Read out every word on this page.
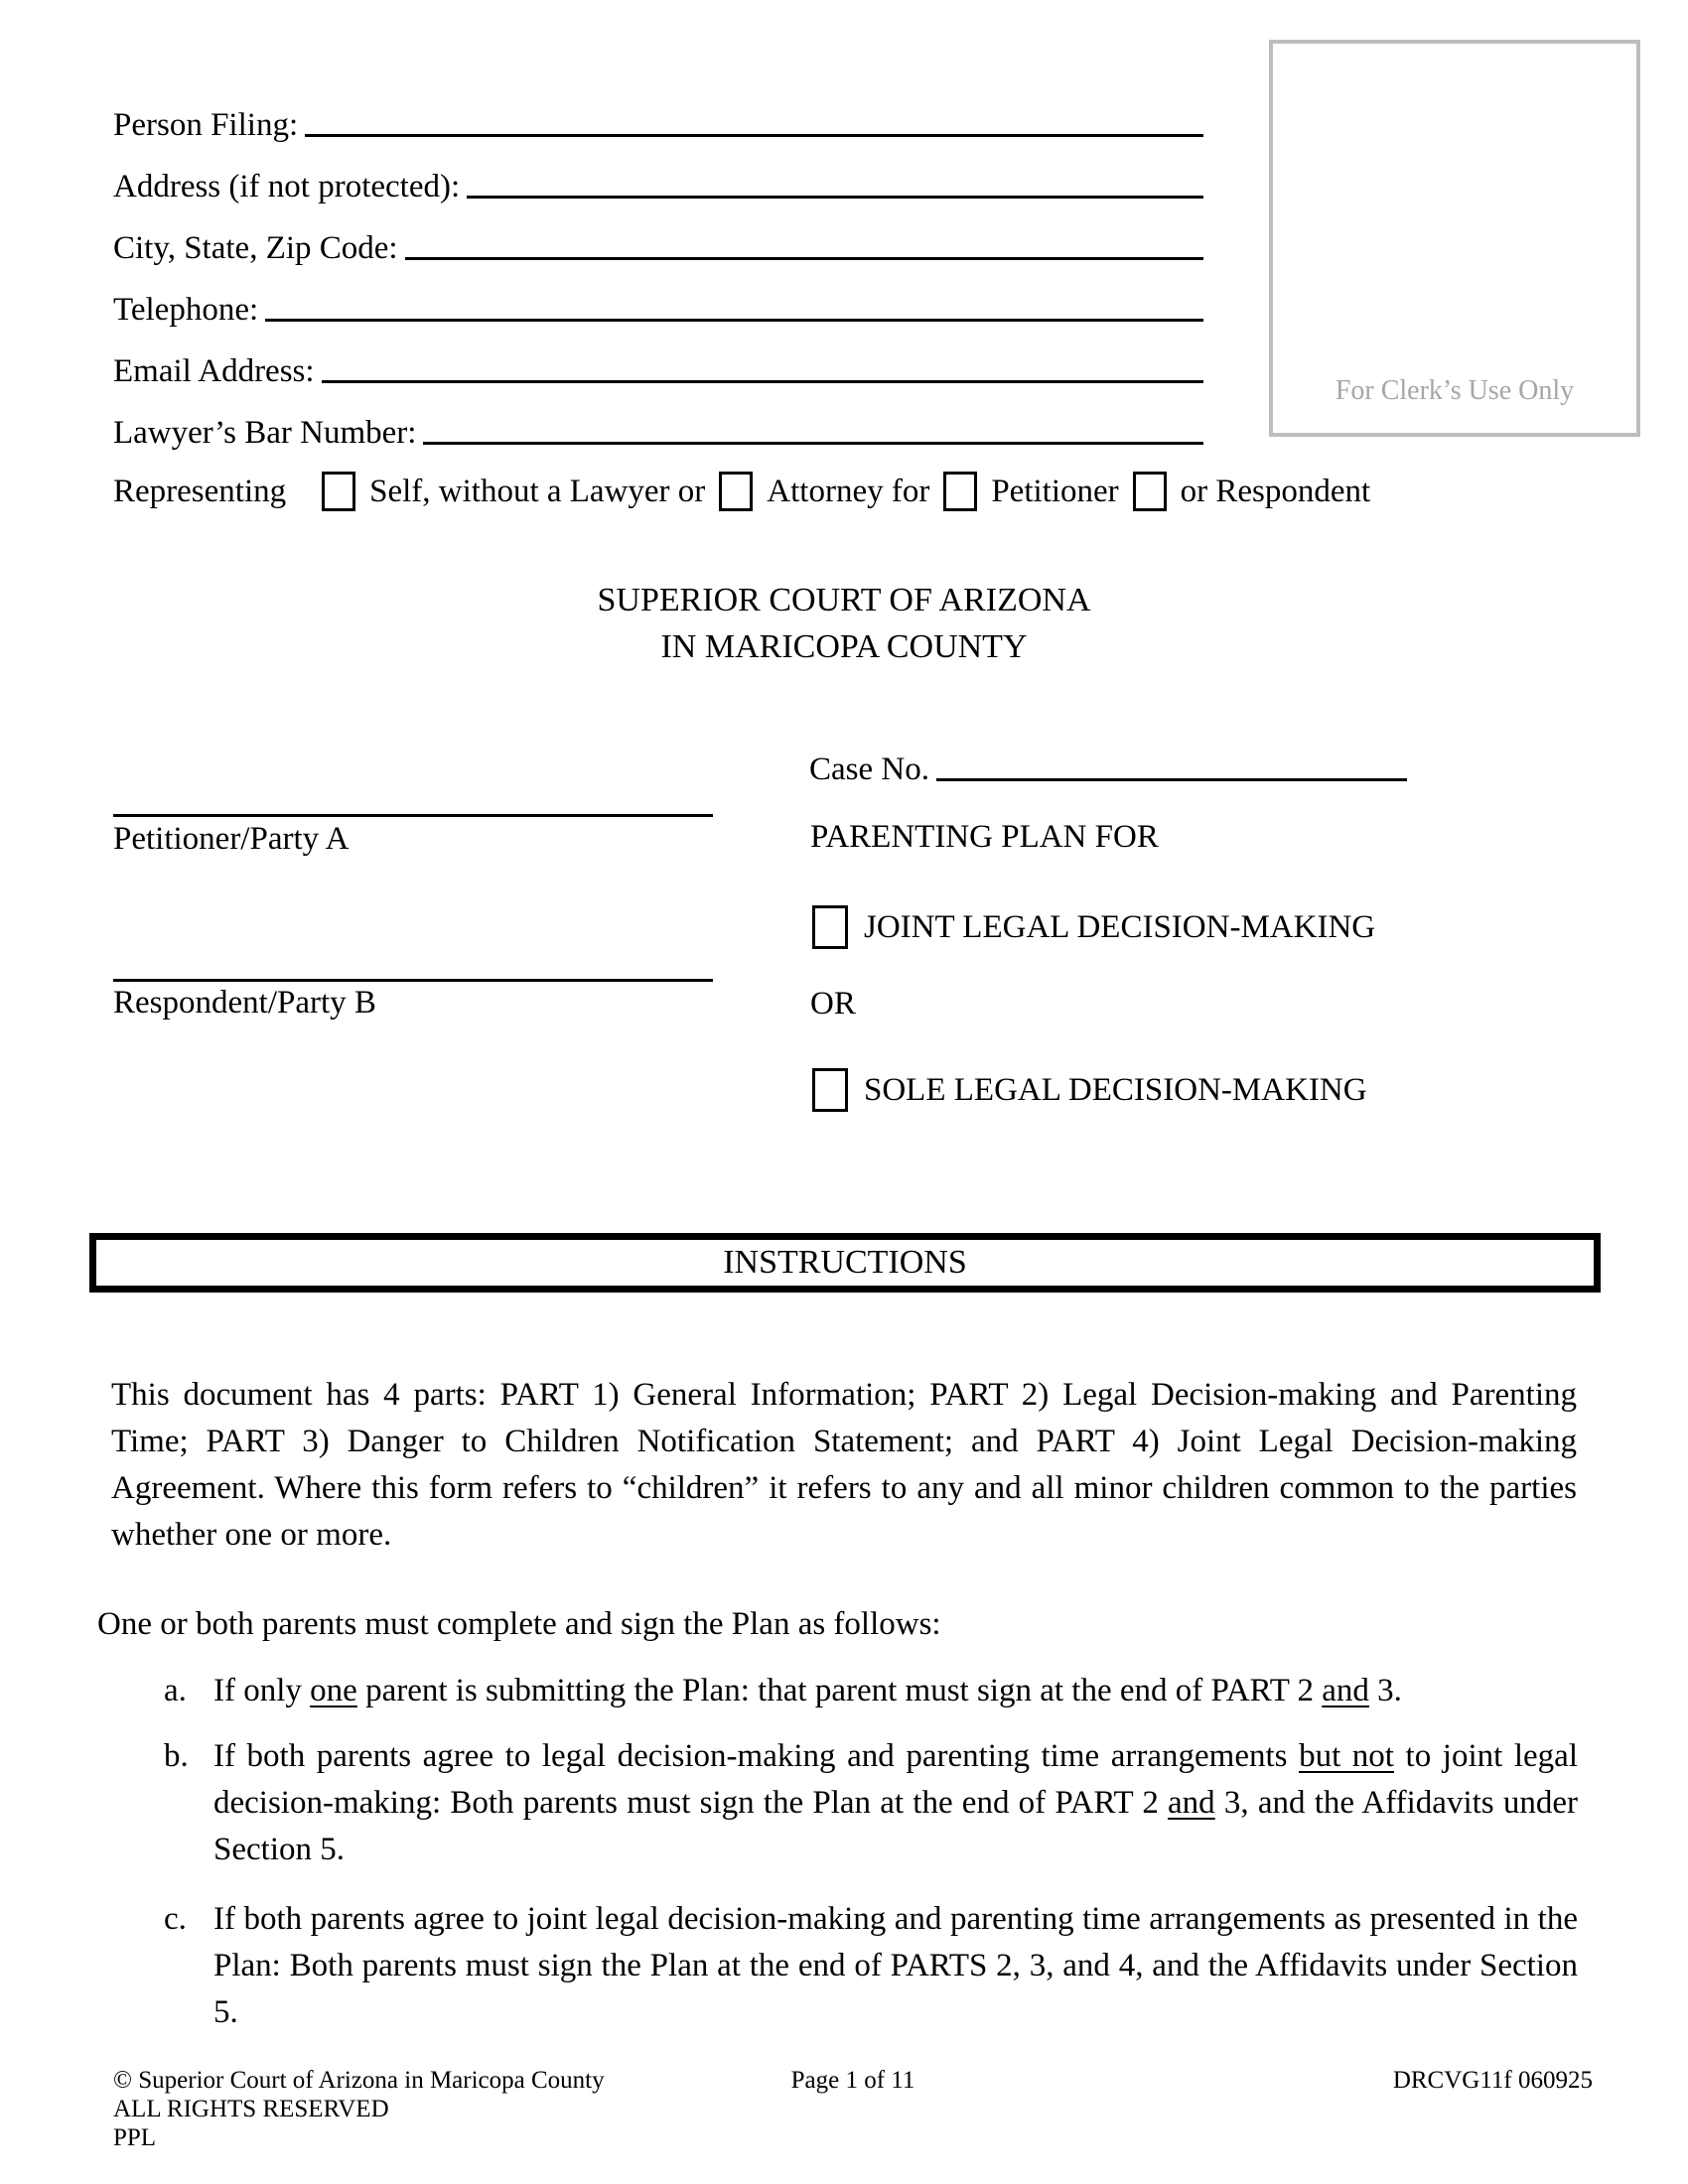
Person Filing:
Address (if not protected):
City, State, Zip Code:
Telephone:
Email Address:
Lawyer’s Bar Number:
Representing	Self, without a Lawyer or Attorney for Petitioner or Respondent
For Clerk’s Use Only
SUPERIOR COURT OF ARIZONA
IN MARICOPA COUNTY
Case No.
Petitioner/Party A
Respondent/Party B
PARENTING PLAN FOR
JOINT LEGAL DECISION-MAKING
OR
SOLE LEGAL DECISION-MAKING
INSTRUCTIONS
This document has 4 parts: PART 1) General Information; PART 2) Legal Decision-making and Parenting Time; PART 3) Danger to Children Notification Statement; and PART 4) Joint Legal Decision-making Agreement. Where this form refers to “children” it refers to any and all minor children common to the parties whether one or more.
One or both parents must complete and sign the Plan as follows:
a. If only one parent is submitting the Plan: that parent must sign at the end of PART 2 and 3.
b. If both parents agree to legal decision-making and parenting time arrangements but not to joint legal decision-making: Both parents must sign the Plan at the end of PART 2 and 3, and the Affidavits under Section 5.
c. If both parents agree to joint legal decision-making and parenting time arrangements as presented in the Plan: Both parents must sign the Plan at the end of PARTS 2, 3, and 4, and the Affidavits under Section 5.
© Superior Court of Arizona in Maricopa County	Page 1 of 11	DRCVG11f 060925
ALL RIGHTS RESERVED
PPL
